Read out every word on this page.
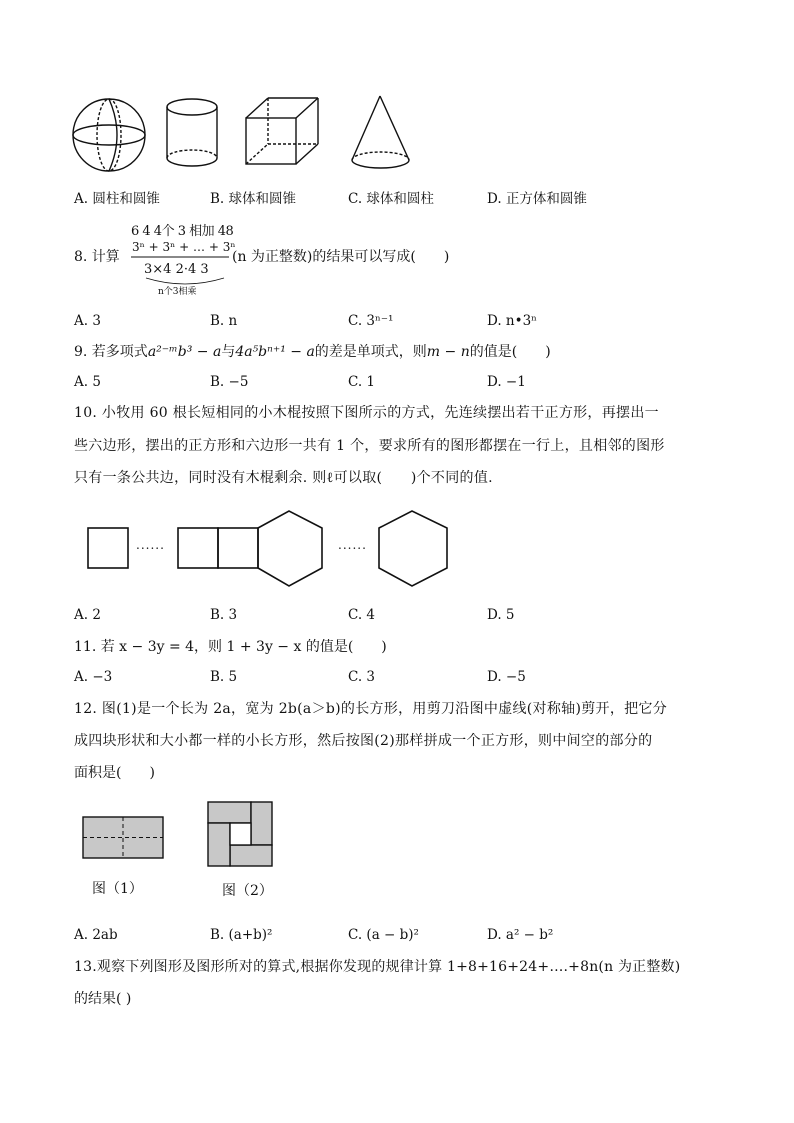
A. 圆柱和圆锥	B. 球体和圆锥	C. 球体和圆柱	D. 正方体和圆锥
6 4 4个 3 相加 48
8. 计算
3ⁿ + 3ⁿ + … + 3ⁿ
3×4 2·4 3
n个3相乘
(n 为正整数)的结果可以写成(　　)
A. 3	B. n	C. 3ⁿ⁻¹	D. n•3ⁿ
9. 若多项式a²⁻ᵐb³ − a与4a⁵bⁿ⁺¹ − a的差是单项式，则m − n的值是(　　)
A. 5	B. −5	C. 1	D. −1
10. 小牧用 60 根长短相同的小木棍按照下图所示的方式，先连续摆出若干正方形，再摆出一
些六边形，摆出的正方形和六边形一共有 1 个，要求所有的图形都摆在一行上，且相邻的图形
只有一条公共边，同时没有木棍剩余. 则ℓ可以取(　　)个不同的值.
......	......
A. 2	B. 3	C. 4	D. 5
11. 若 x − 3y = 4，则 1 + 3y − x 的值是(　　)
A. −3	B. 5	C. 3	D. −5
12. 图(1)是一个长为 2a，宽为 2b(a＞b)的长方形，用剪刀沿图中虚线(对称轴)剪开，把它分
成四块形状和大小都一样的小长方形，然后按图(2)那样拼成一个正方形，则中间空的部分的
面积是(　　)
图（1）	图（2）
A. 2ab	B. (a+b)²	C. (a − b)²	D. a² − b²
13.观察下列图形及图形所对的算式,根据你发现的规律计算 1+8+16+24+….+8n(n 为正整数)
的结果( )
